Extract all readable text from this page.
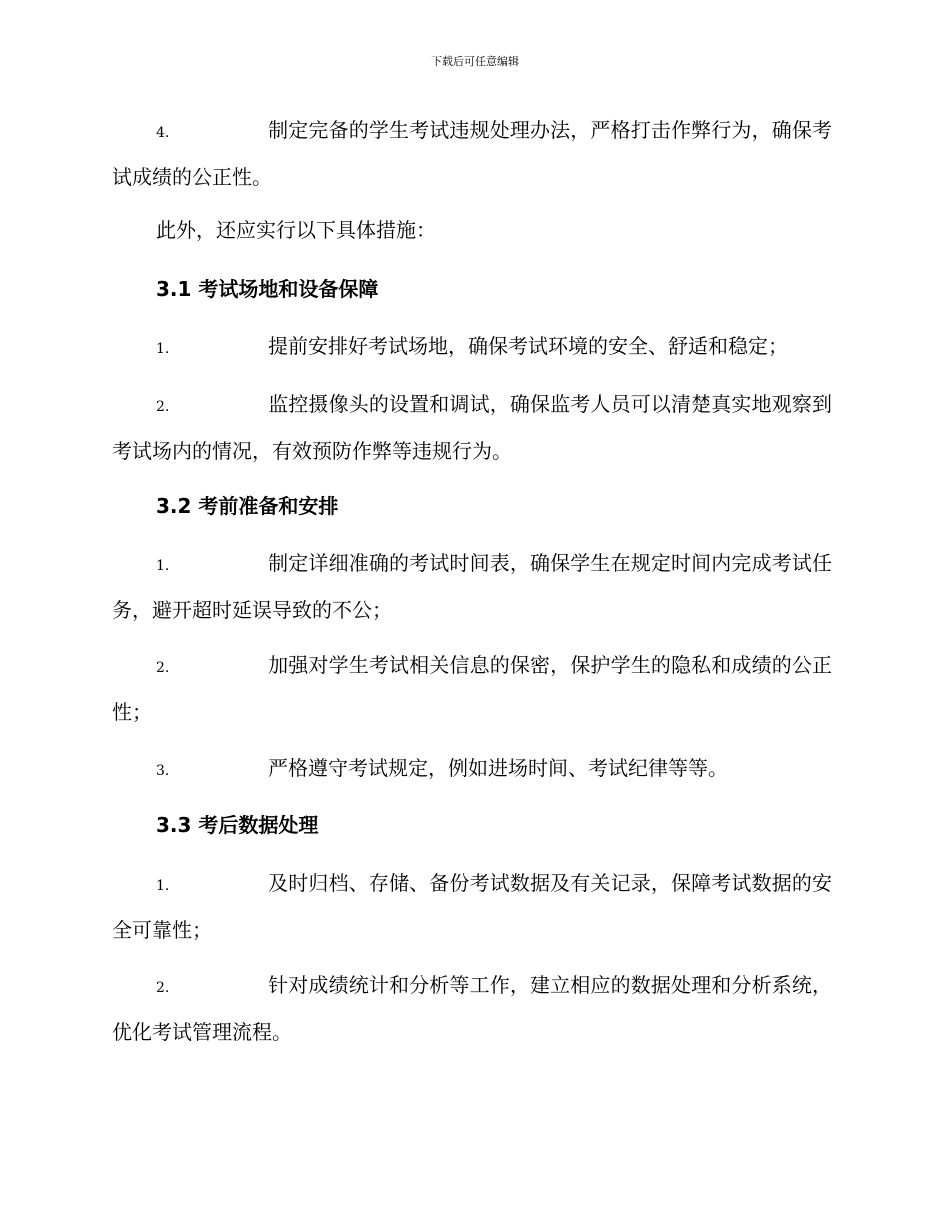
下载后可任意编辑

4.	制定完备的学生考试违规处理办法，严格打击作弊行为，确保考试成绩的公正性。

此外，还应实行以下具体措施：

3.1 考试场地和设备保障

1.	提前安排好考试场地，确保考试环境的安全、舒适和稳定；

2.	监控摄像头的设置和调试，确保监考人员可以清楚真实地观察到考试场内的情况，有效预防作弊等违规行为。

3.2 考前准备和安排

1.	制定详细准确的考试时间表，确保学生在规定时间内完成考试任务，避开超时延误导致的不公；

2.	加强对学生考试相关信息的保密，保护学生的隐私和成绩的公正性；

3.	严格遵守考试规定，例如进场时间、考试纪律等等。

3.3 考后数据处理

1.	及时归档、存储、备份考试数据及有关记录，保障考试数据的安全可靠性；

2.	针对成绩统计和分析等工作，建立相应的数据处理和分析系统，优化考试管理流程。
